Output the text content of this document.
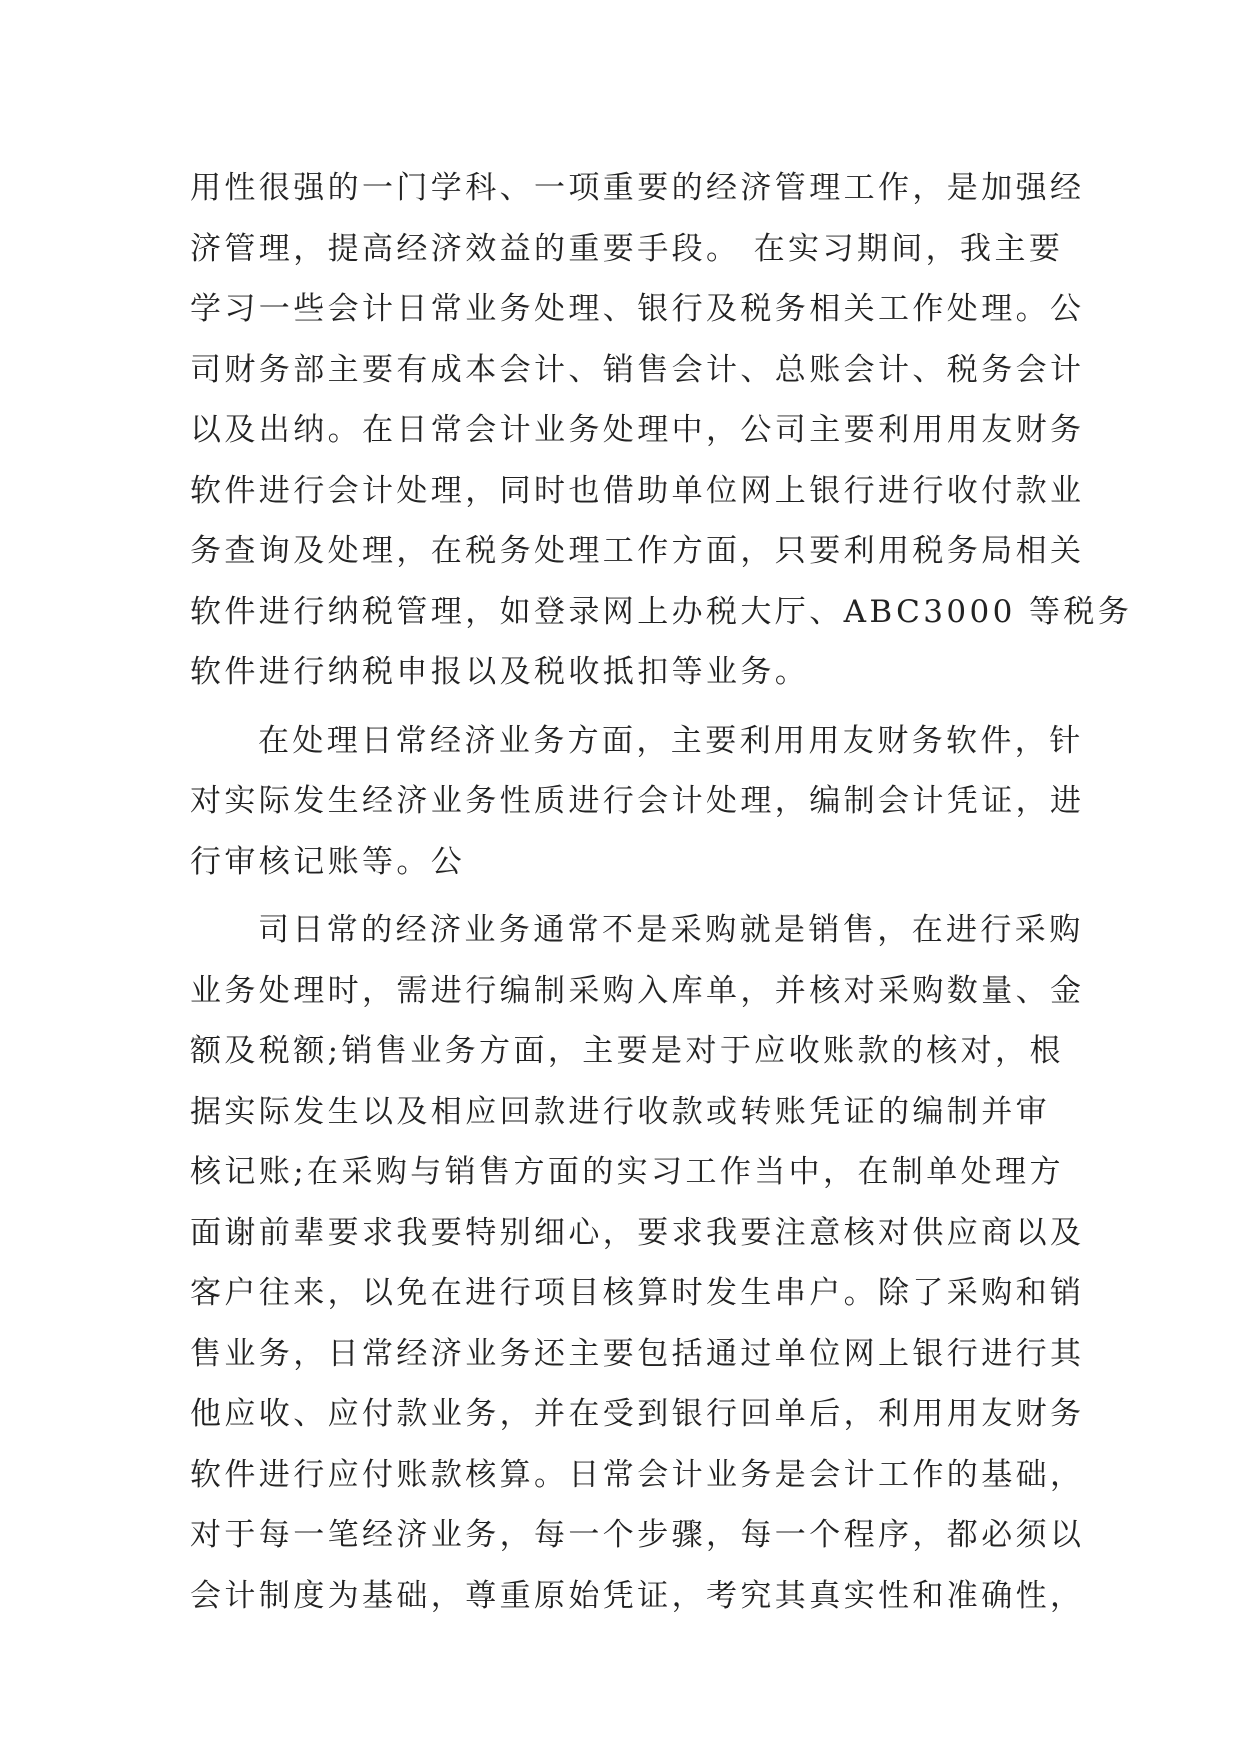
用性很强的一门学科、一项重要的经济管理工作，是加强经
济管理，提高经济效益的重要手段。 在实习期间，我主要
学习一些会计日常业务处理、银行及税务相关工作处理。公
司财务部主要有成本会计、销售会计、总账会计、税务会计
以及出纳。在日常会计业务处理中，公司主要利用用友财务
软件进行会计处理，同时也借助单位网上银行进行收付款业
务查询及处理，在税务处理工作方面，只要利用税务局相关
软件进行纳税管理，如登录网上办税大厅、ABC3000 等税务
软件进行纳税申报以及税收抵扣等业务。
在处理日常经济业务方面，主要利用用友财务软件，针
对实际发生经济业务性质进行会计处理，编制会计凭证，进
行审核记账等。公
司日常的经济业务通常不是采购就是销售，在进行采购
业务处理时，需进行编制采购入库单，并核对采购数量、金
额及税额;销售业务方面，主要是对于应收账款的核对，根
据实际发生以及相应回款进行收款或转账凭证的编制并审
核记账;在采购与销售方面的实习工作当中，在制单处理方
面谢前辈要求我要特别细心，要求我要注意核对供应商以及
客户往来，以免在进行项目核算时发生串户。除了采购和销
售业务，日常经济业务还主要包括通过单位网上银行进行其
他应收、应付款业务，并在受到银行回单后，利用用友财务
软件进行应付账款核算。日常会计业务是会计工作的基础，
对于每一笔经济业务，每一个步骤，每一个程序，都必须以
会计制度为基础，尊重原始凭证，考究其真实性和准确性，
